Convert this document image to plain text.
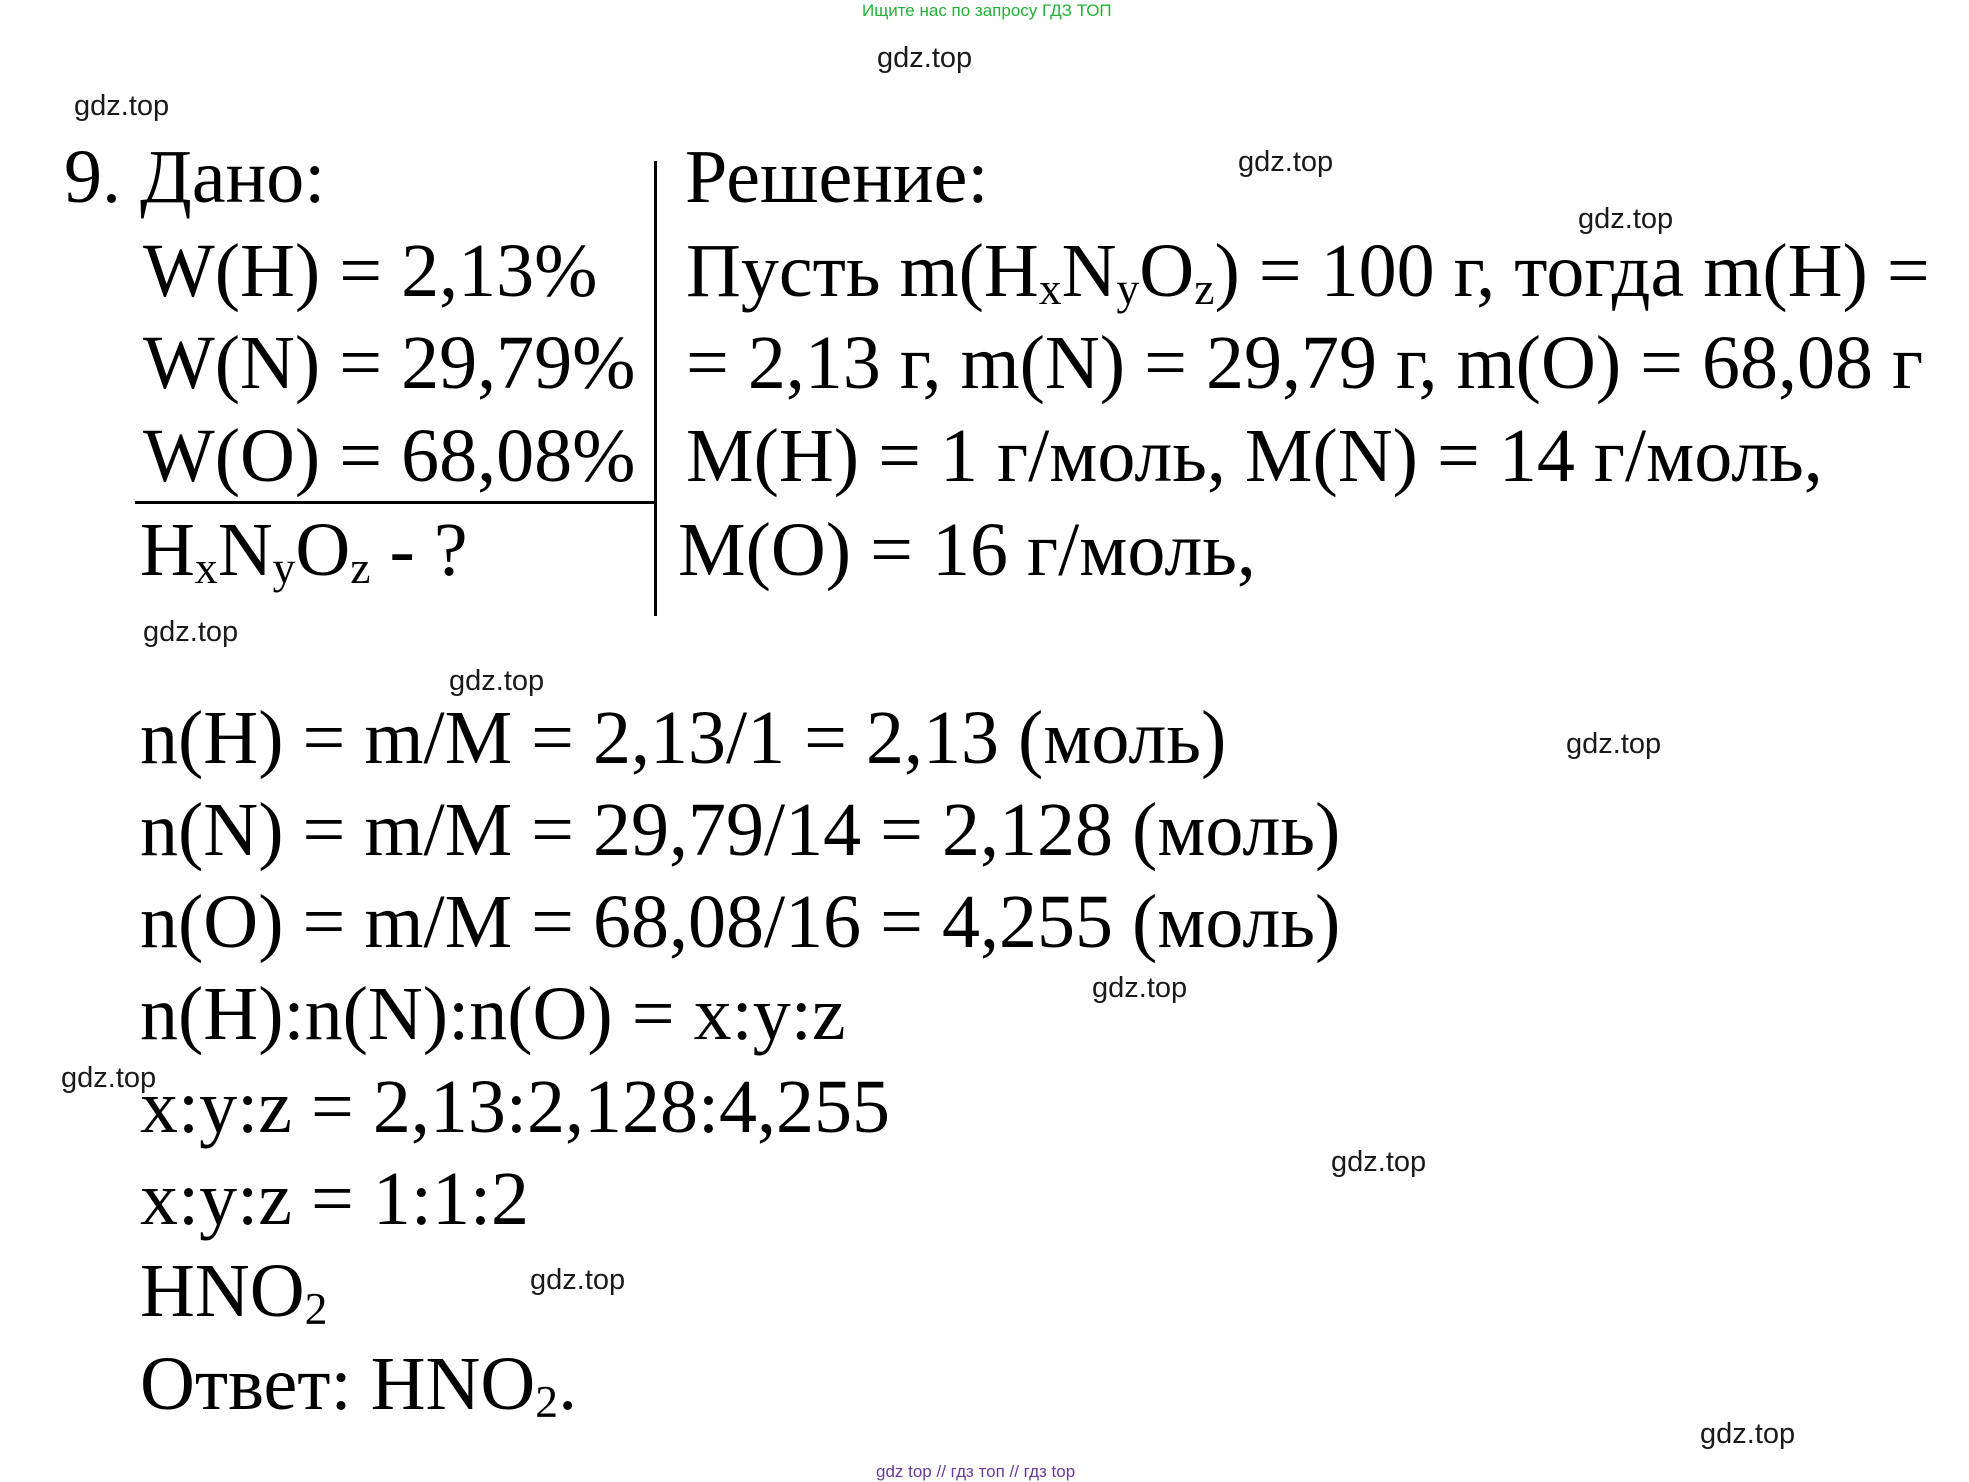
Ищите нас по запросу ГДЗ ТОП
gdz.top
gdz.top
gdz.top
gdz.top
gdz.top
gdz.top
gdz.top
gdz.top
gdz.top
gdz.top
gdz.top
gdz.top
9. Дано:
W(H) = 2,13%
W(N) = 29,79%
W(O) = 68,08%
HxNyOz - ?
Решение:
Пусть m(HxNyOz) = 100 г, тогда m(H) =
= 2,13 г, m(N) = 29,79 г, m(O) = 68,08 г
M(H) = 1 г/моль, M(N) = 14 г/моль,
M(O) = 16 г/моль,
n(H) = m/M = 2,13/1 = 2,13 (моль)
n(N) = m/M = 29,79/14 = 2,128 (моль)
n(O) = m/M = 68,08/16 = 4,255 (моль)
n(H):n(N):n(O) = x:y:z
x:y:z = 2,13:2,128:4,255
x:y:z = 1:1:2
HNO2
Ответ: HNO2.
gdz top // гдз топ // гдз top
